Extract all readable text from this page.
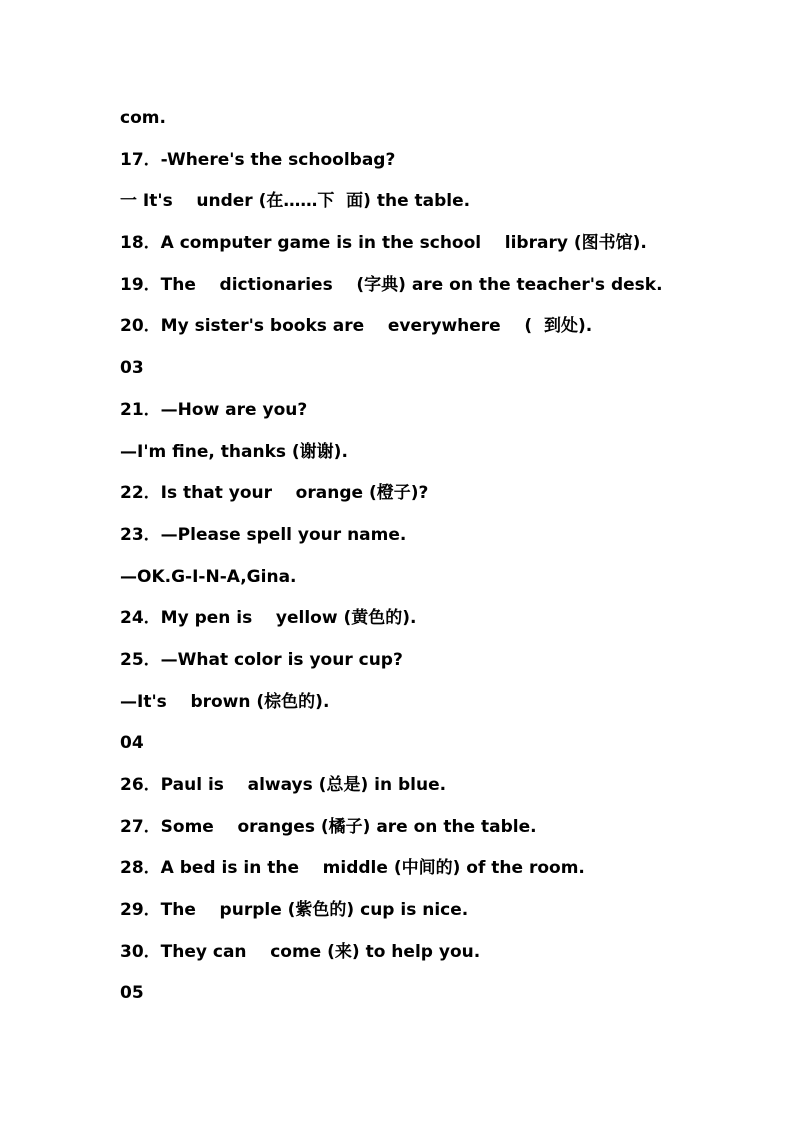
com.
17．-Where's the schoolbag?
一 It's    under (在……下  面) the table.
18．A computer game is in the school    library (图书馆).
19．The    dictionaries    (字典) are on the teacher's desk.
20．My sister's books are    everywhere    (  到处).
03
21．—How are you?
—I'm fine, thanks (谢谢).
22．Is that your    orange (橙子)?
23．—Please spell your name.
—OK.G-I-N-A,Gina.
24．My pen is    yellow (黄色的).
25．—What color is your cup?
—It's    brown (棕色的).
04
26．Paul is    always (总是) in blue.
27．Some    oranges (橘子) are on the table.
28．A bed is in the    middle (中间的) of the room.
29．The    purple (紫色的) cup is nice.
30．They can    come (来) to help you.
05
